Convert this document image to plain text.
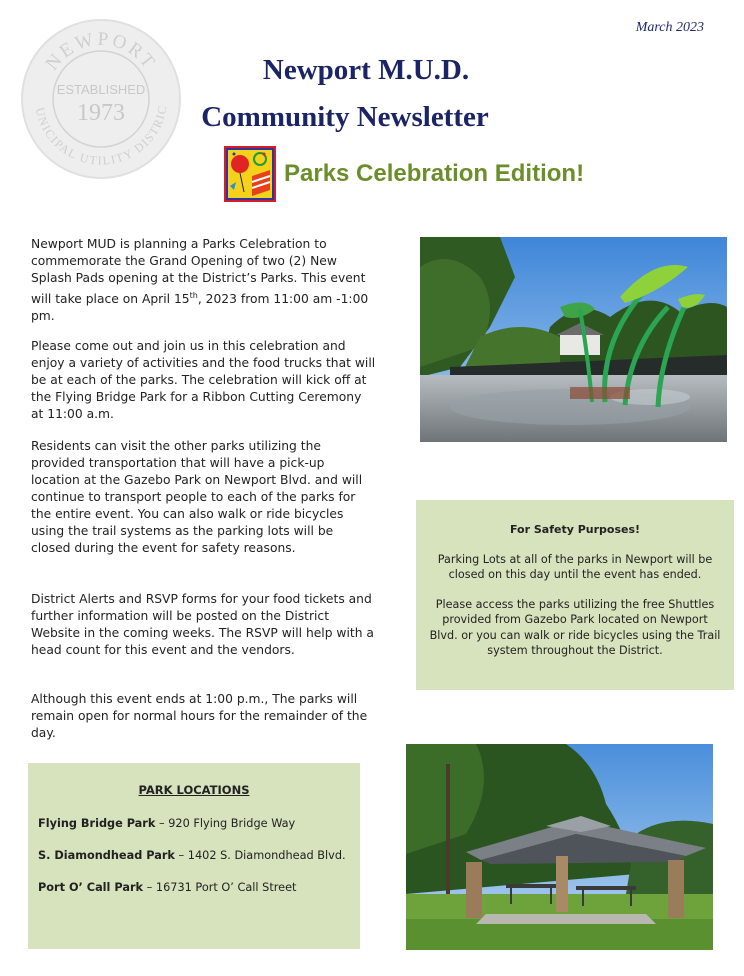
NEWPORT
UNICIPAL UTILITY DISTRIC
ESTABLISHED
1973
March 2023
Newport M.U.D.
Community Newsletter
Parks Celebration Edition!

Newport MUD is planning a Parks Celebration to commemorate the Grand Opening of two (2) New Splash Pads opening at the District’s Parks. This event will take place on April 15th, 2023 from 11:00 am -1:00 pm.

Please come out and join us in this celebration and enjoy a variety of activities and the food trucks that will be at each of the parks. The celebration will kick off at the Flying Bridge Park for a Ribbon Cutting Ceremony at 11:00 a.m.

Residents can visit the other parks utilizing the provided transportation that will have a pick-up location at the Gazebo Park on Newport Blvd. and will continue to transport people to each of the parks for the entire event. You can also walk or ride bicycles using the trail systems as the parking lots will be closed during the event for safety reasons.

District Alerts and RSVP forms for your food tickets and further information will be posted on the District Website in the coming weeks. The RSVP will help with a head count for this event and the vendors.

Although this event ends at 1:00 p.m., The parks will remain open for normal hours for the remainder of the day.

For Safety Purposes!

Parking Lots at all of the parks in Newport will be closed on this day until the event has ended.

Please access the parks utilizing the free Shuttles provided from Gazebo Park located on Newport Blvd. or you can walk or ride bicycles using the Trail system throughout the District.

PARK LOCATIONS
Flying Bridge Park – 920 Flying Bridge Way
S. Diamondhead Park – 1402 S. Diamondhead Blvd.
Port O’ Call Park – 16731 Port O’ Call Street
